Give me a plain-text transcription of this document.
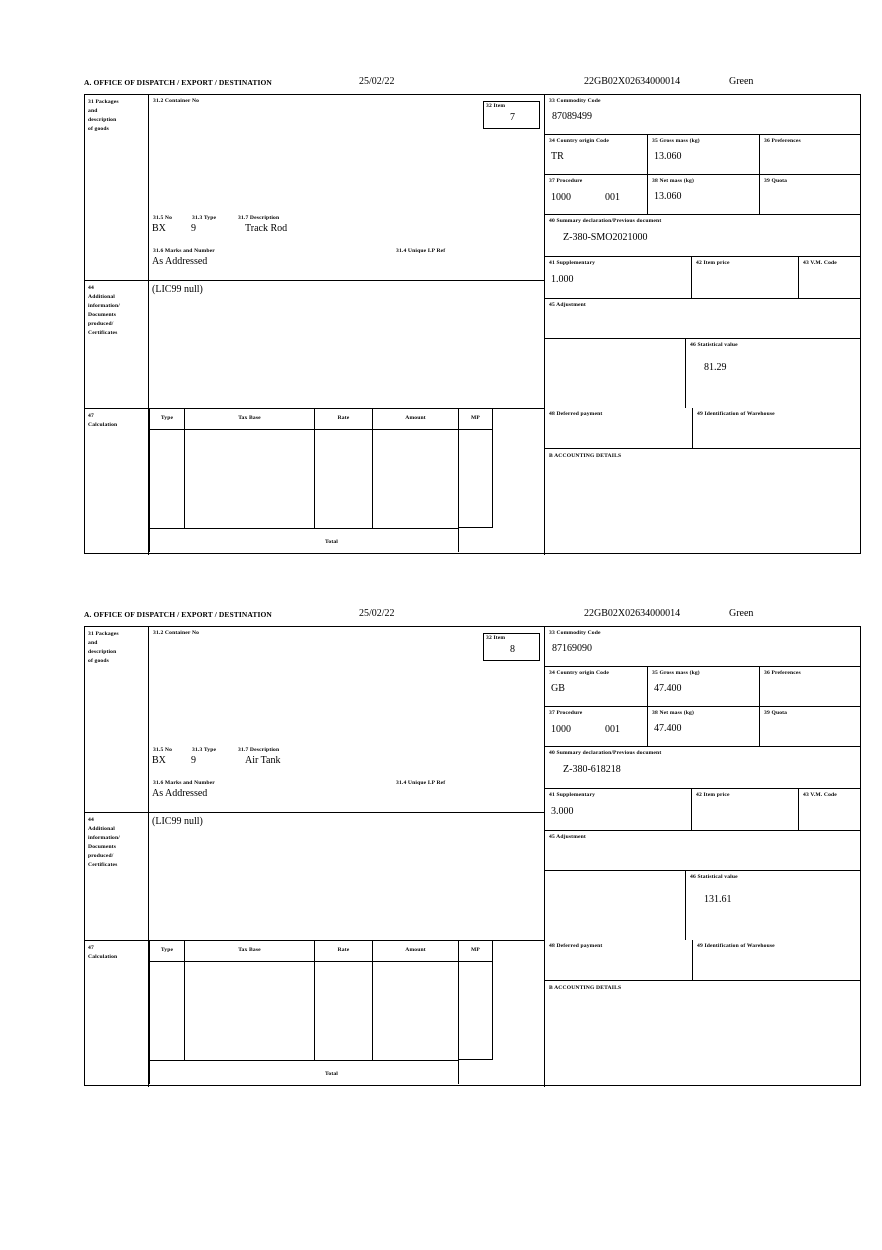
A. OFFICE OF DISPATCH / EXPORT / DESTINATION	25/02/22	22GB02X02634000014	Green
31 Packages
and
description
of goods
31.2 Container No
31.5 No	31.3 Type	31.7 Description
BX	9	Track Rod
31.6 Marks and Number	31.4 Unique I.P Ref
As Addressed
32 Item
7
33 Commodity Code
87089499
34 Country origin Code
TR
35 Gross mass (kg)
13.060
36 Preferences
37 Procedure
1000	001
38 Net mass (kg)
13.060
39 Quota
40 Summary declaration/Previous document
Z-380-SMO2021000
41 Supplementary
1.000
42 Item price	43 V.M. Code
44
Additional
information/
Documents
produced/
Certificates
(LIC99 null)
45 Adjustment
46 Statistical value
81.29
47
Calculation
Type	Tax Base	Rate	Amount	MP
Total
48 Deferred payment	49 Identification of Warehouse
B ACCOUNTING DETAILS
A. OFFICE OF DISPATCH / EXPORT / DESTINATION	25/02/22	22GB02X02634000014	Green
31 Packages
and
description
of goods
31.2 Container No
31.5 No	31.3 Type	31.7 Description
BX	9	Air Tank
31.6 Marks and Number	31.4 Unique I.P Ref
As Addressed
32 Item
8
33 Commodity Code
87169090
34 Country origin Code
GB
35 Gross mass (kg)
47.400
36 Preferences
37 Procedure
1000	001
38 Net mass (kg)
47.400
39 Quota
40 Summary declaration/Previous document
Z-380-618218
41 Supplementary
3.000
42 Item price	43 V.M. Code
44
Additional
information/
Documents
produced/
Certificates
(LIC99 null)
45 Adjustment
46 Statistical value
131.61
47
Calculation
Type	Tax Base	Rate	Amount	MP
Total
48 Deferred payment	49 Identification of Warehouse
B ACCOUNTING DETAILS
